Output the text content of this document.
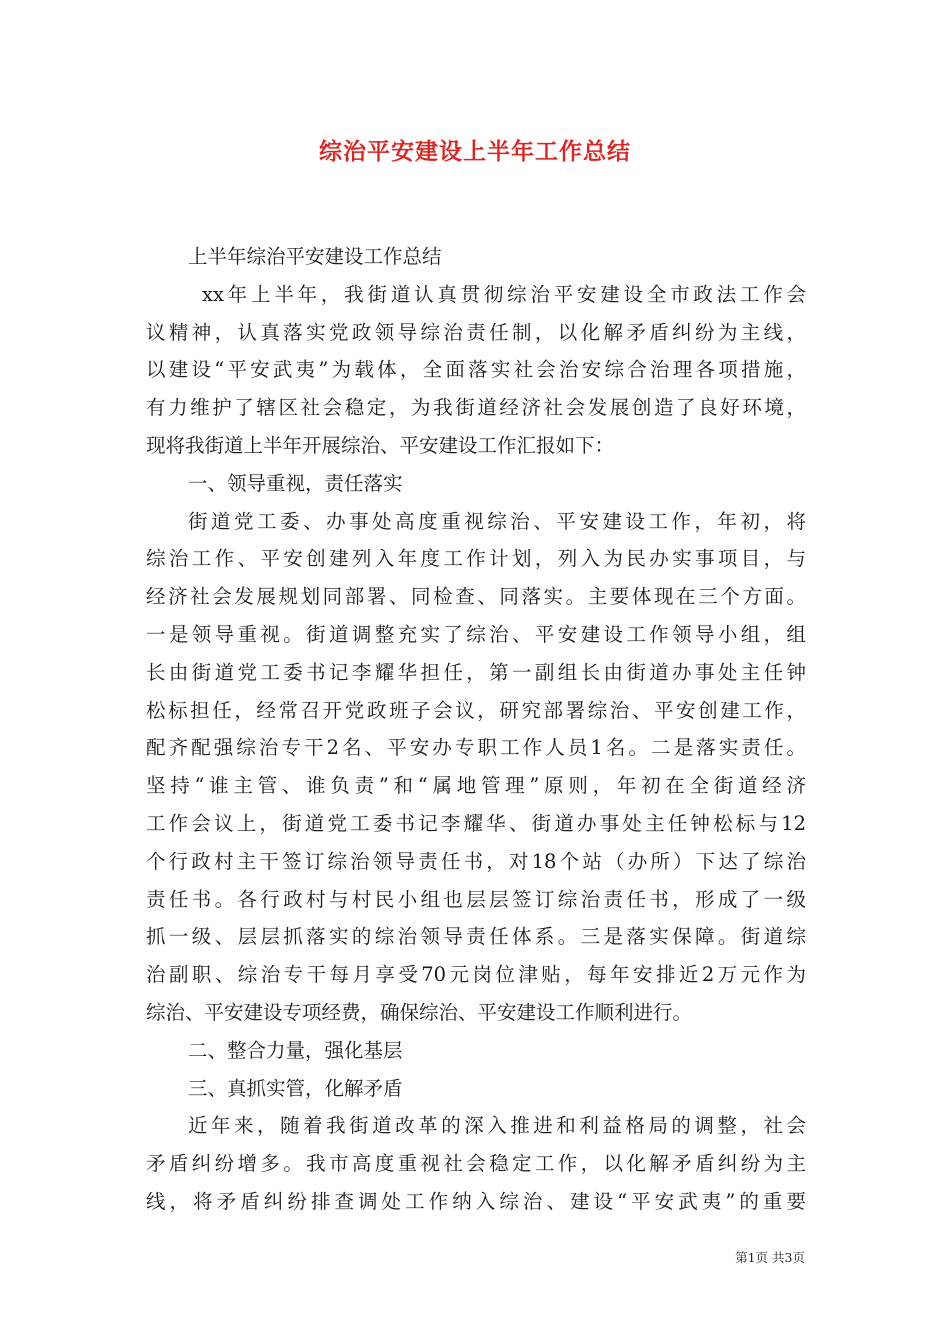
综治平安建设上半年工作总结
上半年综治平安建设工作总结
xx年上半年，我街道认真贯彻综治平安建设全市政法工作会
议精神，认真落实党政领导综治责任制，以化解矛盾纠纷为主线，
以建设“平安武夷”为载体，全面落实社会治安综合治理各项措施，
有力维护了辖区社会稳定，为我街道经济社会发展创造了良好环境，
现将我街道上半年开展综治、平安建设工作汇报如下：
一、领导重视，责任落实
街道党工委、办事处高度重视综治、平安建设工作，年初，将
综治工作、平安创建列入年度工作计划，列入为民办实事项目，与
经济社会发展规划同部署、同检查、同落实。主要体现在三个方面。
一是领导重视。街道调整充实了综治、平安建设工作领导小组，组
长由街道党工委书记李耀华担任，第一副组长由街道办事处主任钟
松标担任，经常召开党政班子会议，研究部署综治、平安创建工作，
配齐配强综治专干2名、平安办专职工作人员1名。二是落实责任。
坚持“谁主管、谁负责”和“属地管理”原则，年初在全街道经济
工作会议上，街道党工委书记李耀华、街道办事处主任钟松标与12
个行政村主干签订综治领导责任书，对18个站（办所）下达了综治
责任书。各行政村与村民小组也层层签订综治责任书，形成了一级
抓一级、层层抓落实的综治领导责任体系。三是落实保障。街道综
治副职、综治专干每月享受70元岗位津贴，每年安排近2万元作为
综治、平安建设专项经费，确保综治、平安建设工作顺利进行。
二、整合力量，强化基层
三、真抓实管，化解矛盾
近年来，随着我街道改革的深入推进和利益格局的调整，社会
矛盾纠纷增多。我市高度重视社会稳定工作，以化解矛盾纠纷为主
线，将矛盾纠纷排查调处工作纳入综治、建设“平安武夷”的重要
第1页 共3页
